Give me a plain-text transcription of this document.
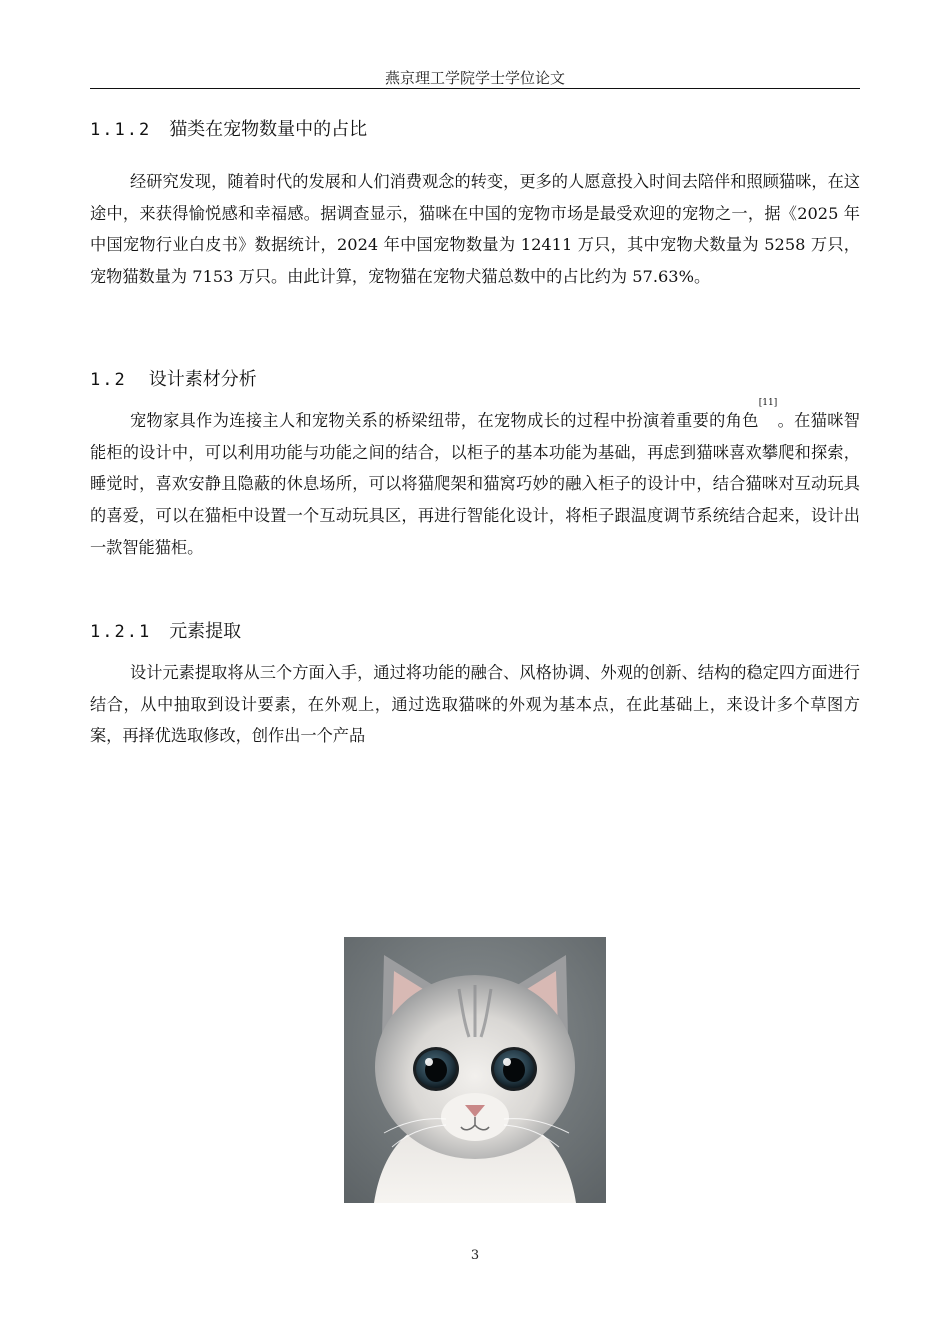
燕京理工学院学士学位论文
1.1.2 猫类在宠物数量中的占比

经研究发现，随着时代的发展和人们消费观念的转变，更多的人愿意投入时间去陪伴和照顾猫咪，在这途中，来获得愉悦感和幸福感。据调查显示，猫咪在中国的宠物市场是最受欢迎的宠物之一，据《2025 年中国宠物行业白皮书》数据统计，2024 年中国宠物数量为 12411 万只，其中宠物犬数量为 5258 万只，宠物猫数量为 7153 万只。由此计算，宠物猫在宠物犬猫总数中的占比约为 57.63%。

1.2 设计素材分析

宠物家具作为连接主人和宠物关系的桥梁纽带，在宠物成长的过程中扮演着重要的角色[11]。在猫咪智能柜的设计中，可以利用功能与功能之间的结合，以柜子的基本功能为基础，再虑到猫咪喜欢攀爬和探索，睡觉时，喜欢安静且隐蔽的休息场所，可以将猫爬架和猫窝巧妙的融入柜子的设计中，结合猫咪对互动玩具的喜爱，可以在猫柜中设置一个互动玩具区，再进行智能化设计，将柜子跟温度调节系统结合起来，设计出一款智能猫柜。

1.2.1 元素提取

设计元素提取将从三个方面入手，通过将功能的融合、风格协调、外观的创新、结构的稳定四方面进行结合，从中抽取到设计要素，在外观上，通过选取猫咪的外观为基本点，在此基础上，来设计多个草图方案，再择优选取修改，创作出一个产品

3
